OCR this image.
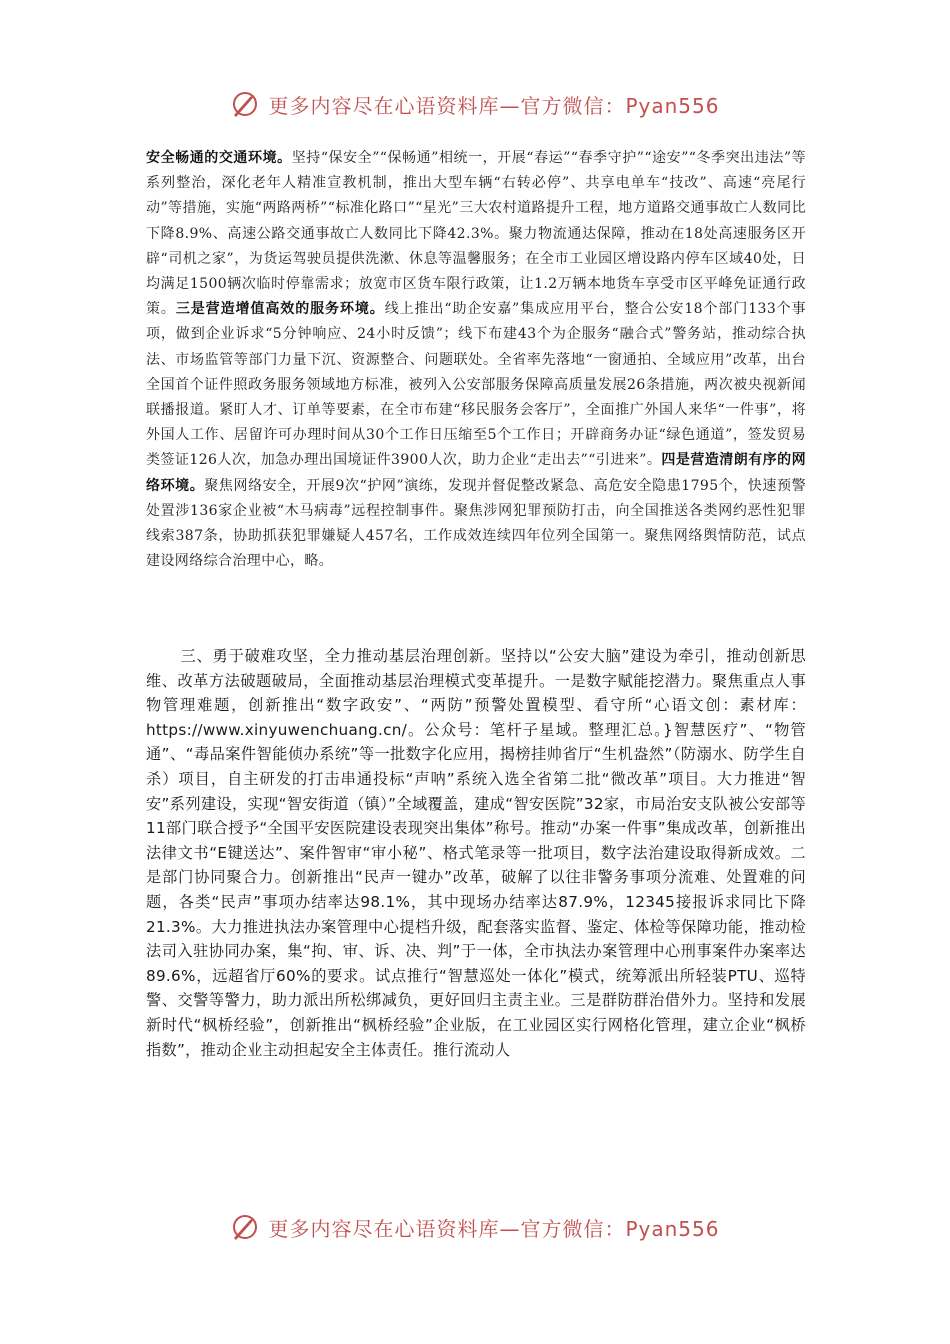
更多内容尽在心语资料库—官方微信：Pyan556
安全畅通的交通环境。坚持“保安全”“保畅通”相统一，开展“春运”“春季守护”“途安”“冬季突出违法”等系列整治，深化老年人精准宣教机制，推出大型车辆“右转必停”、共享电单车“技改”、高速“亮尾行动”等措施，实施“两路两桥”“标准化路口”“星光”三大农村道路提升工程，地方道路交通事故亡人数同比下降8.9%、高速公路交通事故亡人数同比下降42.3%。聚力物流通达保障，推动在18处高速服务区开辟“司机之家”，为货运驾驶员提供洗漱、休息等温馨服务；在全市工业园区增设路内停车区域40处，日均满足1500辆次临时停靠需求；放宽市区货车限行政策，让1.2万辆本地货车享受市区平峰免证通行政策。三是营造增值高效的服务环境。线上推出“助企安嘉”集成应用平台，整合公安18个部门133个事项，做到企业诉求“5分钟响应、24小时反馈”；线下布建43个为企服务“融合式”警务站，推动综合执法、市场监管等部门力量下沉、资源整合、问题联处。全省率先落地“一窗通拍、全域应用”改革，出台全国首个证件照政务服务领域地方标准，被列入公安部服务保障高质量发展26条措施，两次被央视新闻联播报道。紧盯人才、订单等要素，在全市布建“移民服务会客厅”，全面推广外国人来华“一件事”，将外国人工作、居留许可办理时间从30个工作日压缩至5个工作日；开辟商务办证“绿色通道”，签发贸易类签证126人次，加急办理出国境证件3900人次，助力企业“走出去”“引进来”。四是营造清朗有序的网络环境。聚焦网络安全，开展9次“护网”演练，发现并督促整改紧急、高危安全隐患1795个，快速预警处置涉136家企业被“木马病毒”远程控制事件。聚焦涉网犯罪预防打击，向全国推送各类网约恶性犯罪线索387条，协助抓获犯罪嫌疑人457名，工作成效连续四年位列全国第一。聚焦网络舆情防范，试点建设网络综合治理中心，略。
三、勇于破难攻坚，全力推动基层治理创新。坚持以“公安大脑”建设为牵引，推动创新思维、改革方法破题破局，全面推动基层治理模式变革提升。一是数字赋能挖潜力。聚焦重点人事物管理难题，创新推出“数字政安”、“两防”预警处置模型、看守所“心语文创：素材库：https://www.xinyuwenchuang.cn/。公众号：笔杆子星域。整理汇总。}智慧医疗”、“物管通”、“毒品案件智能侦办系统”等一批数字化应用，揭榜挂帅省厅“生机盎然”（防溺水、防学生自杀）项目，自主研发的打击串通投标“声呐”系统入选全省第二批“微改革”项目。大力推进“智安”系列建设，实现“智安街道（镇）”全域覆盖，建成“智安医院”32家，市局治安支队被公安部等11部门联合授予“全国平安医院建设表现突出集体”称号。推动“办案一件事”集成改革，创新推出法律文书“E键送达”、案件智审“审小秘”、格式笔录等一批项目，数字法治建设取得新成效。二是部门协同聚合力。创新推出“民声一键办”改革，破解了以往非警务事项分流难、处置难的问题，各类“民声”事项办结率达98.1%，其中现场办结率达87.9%，12345接报诉求同比下降21.3%。大力推进执法办案管理中心提档升级，配套落实监督、鉴定、体检等保障功能，推动检法司入驻协同办案，集“拘、审、诉、决、判”于一体，全市执法办案管理中心刑事案件办案率达89.6%，远超省厅60%的要求。试点推行“智慧巡处一体化”模式，统筹派出所轻装PTU、巡特警、交警等警力，助力派出所松绑减负，更好回归主责主业。三是群防群治借外力。坚持和发展新时代“枫桥经验”，创新推出“枫桥经验”企业版，在工业园区实行网格化管理，建立企业“枫桥指数”，推动企业主动担起安全主体责任。推行流动人
更多内容尽在心语资料库—官方微信：Pyan556
